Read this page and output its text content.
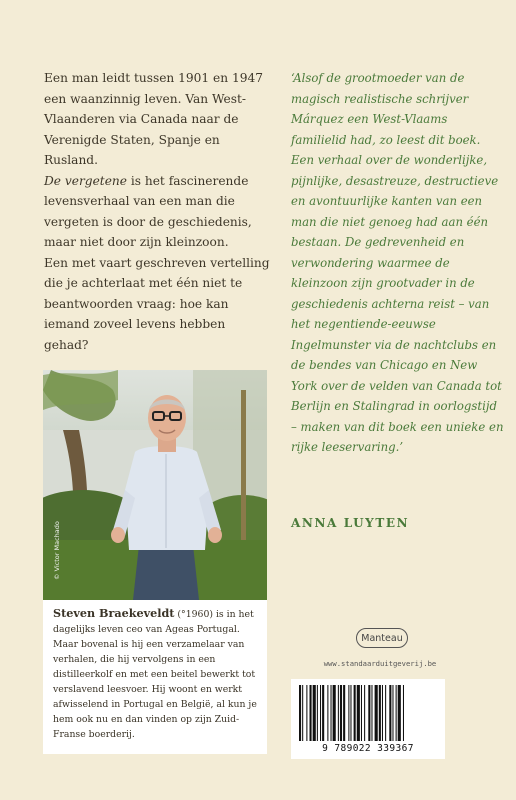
Een man leidt tussen 1901 en 1947 een waanzinnig leven. Van West-Vlaanderen via Canada naar de Verenigde Staten, Spanje en Rusland.

De vergetene is het fascinerende levensverhaal van een man die vergeten is door de geschiedenis, maar niet door zijn kleinzoon.

Een met vaart geschreven vertelling die je achterlaat met één niet te beantwoorden vraag: hoe kan iemand zoveel levens hebben gehad?

‘Alsof de grootmoeder van de magisch realistische schrijver Márquez een West-Vlaams familielid had, zo leest dit boek. Een verhaal over de wonderlijke, pijnlijke, desastreuze, destructieve en avontuurlijke kanten van een man die niet genoeg had aan één bestaan. De gedrevenheid en verwondering waarmee de kleinzoon zijn grootvader in de geschiedenis achterna reist – van het negentiende-eeuwse Ingelmunster via de nachtclubs en de bendes van Chicago en New York over de velden van Canada tot Berlijn en Stalingrad in oorlogstijd – maken van dit boek een unieke en rijke leeservaring.’
ANNA LUYTEN
© Victor Machado
Steven Braekeveldt (°1960) is in het dagelijks leven ceo van Ageas Portugal. Maar bovenal is hij een verzamelaar van verhalen, die hij vervolgens in een distilleerkolf en met een beitel bewerkt tot verslavend leesvoer. Hij woont en werkt afwisselend in Portugal en België, al kun je hem ook nu en dan vinden op zijn Zuid-Franse boerderij.
Manteau
www.standaarduitgeverij.be
9 789022 339367
